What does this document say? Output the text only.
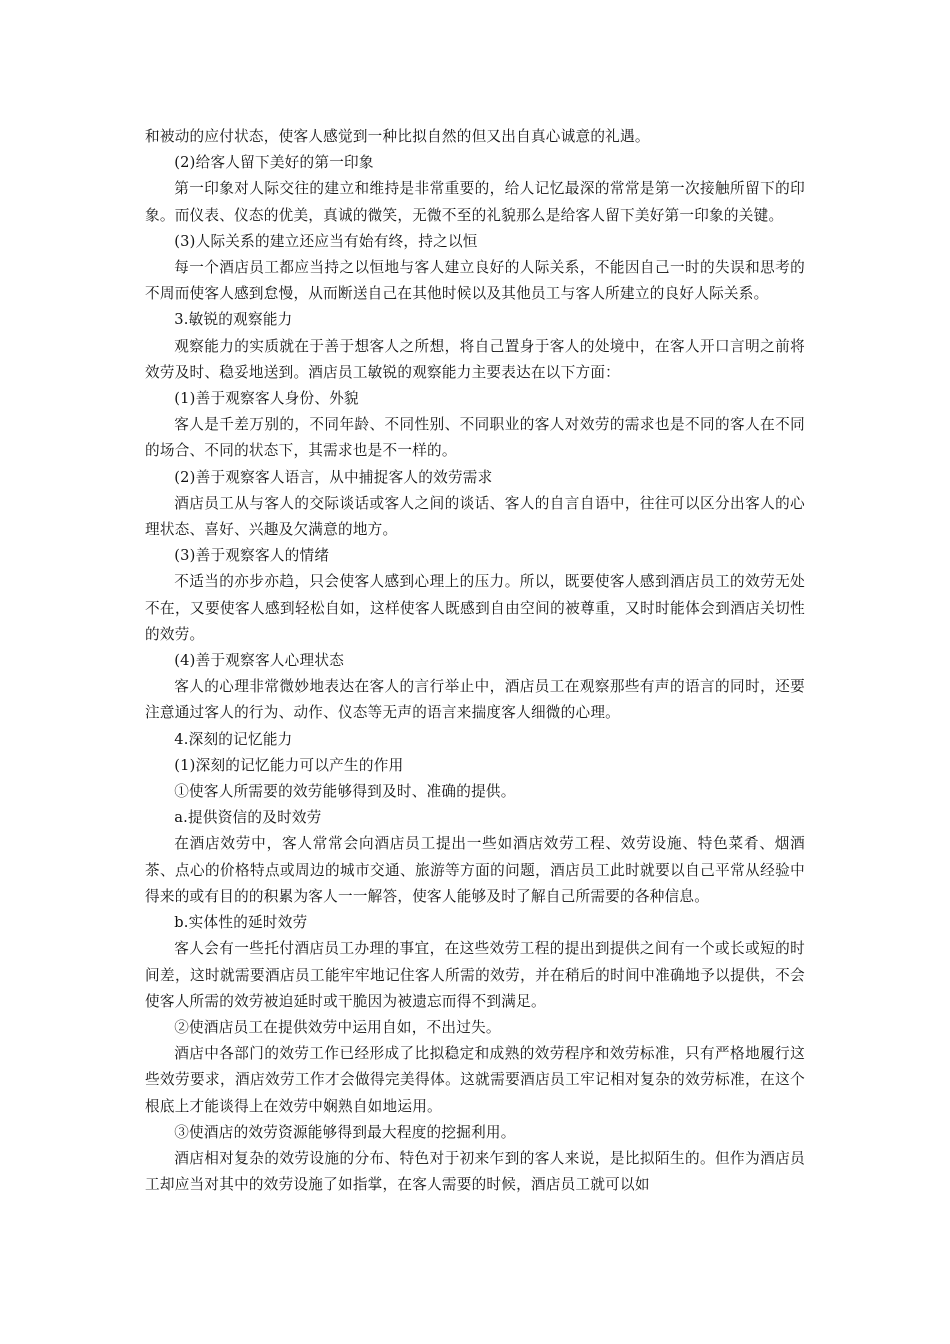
和被动的应付状态，使客人感觉到一种比拟自然的但又出自真心诚意的礼遇。

(2)给客人留下美好的第一印象

第一印象对人际交往的建立和维持是非常重要的，给人记忆最深的常常是第一次接触所留下的印象。而仪表、仪态的优美，真诚的微笑，无微不至的礼貌那么是给客人留下美好第一印象的关键。

(3)人际关系的建立还应当有始有终，持之以恒

每一个酒店员工都应当持之以恒地与客人建立良好的人际关系，不能因自己一时的失误和思考的不周而使客人感到怠慢，从而断送自己在其他时候以及其他员工与客人所建立的良好人际关系。

3.敏锐的观察能力

观察能力的实质就在于善于想客人之所想，将自己置身于客人的处境中，在客人开口言明之前将效劳及时、稳妥地送到。酒店员工敏锐的观察能力主要表达在以下方面：

(1)善于观察客人身份、外貌

客人是千差万别的，不同年龄、不同性别、不同职业的客人对效劳的需求也是不同的客人在不同的场合、不同的状态下，其需求也是不一样的。

(2)善于观察客人语言，从中捕捉客人的效劳需求

酒店员工从与客人的交际谈话或客人之间的谈话、客人的自言自语中，往往可以区分出客人的心理状态、喜好、兴趣及欠满意的地方。

(3)善于观察客人的情绪

不适当的亦步亦趋，只会使客人感到心理上的压力。所以，既要使客人感到酒店员工的效劳无处不在，又要使客人感到轻松自如，这样使客人既感到自由空间的被尊重，又时时能体会到酒店关切性的效劳。

(4)善于观察客人心理状态

客人的心理非常微妙地表达在客人的言行举止中，酒店员工在观察那些有声的语言的同时，还要注意通过客人的行为、动作、仪态等无声的语言来揣度客人细微的心理。

4.深刻的记忆能力

(1)深刻的记忆能力可以产生的作用

①使客人所需要的效劳能够得到及时、准确的提供。

a.提供资信的及时效劳

在酒店效劳中，客人常常会向酒店员工提出一些如酒店效劳工程、效劳设施、特色菜肴、烟酒茶、点心的价格特点或周边的城市交通、旅游等方面的问题，酒店员工此时就要以自己平常从经验中得来的或有目的的积累为客人一一解答，使客人能够及时了解自己所需要的各种信息。

b.实体性的延时效劳

客人会有一些托付酒店员工办理的事宜，在这些效劳工程的提出到提供之间有一个或长或短的时间差，这时就需要酒店员工能牢牢地记住客人所需的效劳，并在稍后的时间中准确地予以提供，不会使客人所需的效劳被迫延时或干脆因为被遗忘而得不到满足。

②使酒店员工在提供效劳中运用自如，不出过失。

酒店中各部门的效劳工作已经形成了比拟稳定和成熟的效劳程序和效劳标准，只有严格地履行这些效劳要求，酒店效劳工作才会做得完美得体。这就需要酒店员工牢记相对复杂的效劳标准，在这个根底上才能谈得上在效劳中娴熟自如地运用。

③使酒店的效劳资源能够得到最大程度的挖掘利用。

酒店相对复杂的效劳设施的分布、特色对于初来乍到的客人来说，是比拟陌生的。但作为酒店员工却应当对其中的效劳设施了如指掌，在客人需要的时候，酒店员工就可以如
